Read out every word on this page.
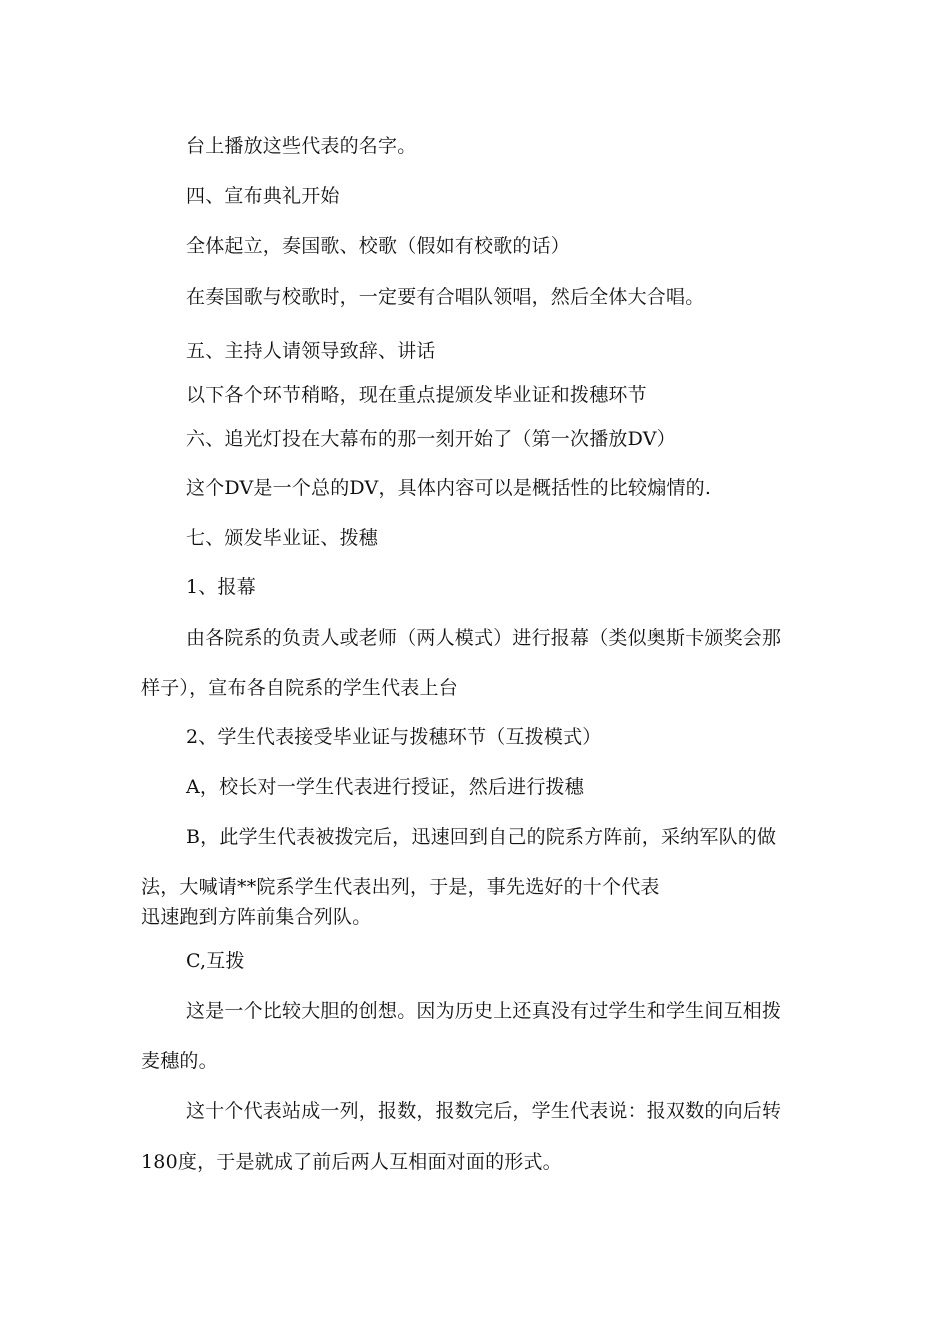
台上播放这些代表的名字。

四、宣布典礼开始

全体起立，奏国歌、校歌（假如有校歌的话）

在奏国歌与校歌时，一定要有合唱队领唱，然后全体大合唱。

五、主持人请领导致辞、讲话

以下各个环节稍略，现在重点提颁发毕业证和拨穗环节

六、追光灯投在大幕布的那一刻开始了（第一次播放DV）

这个DV是一个总的DV，具体内容可以是概括性的比较煽情的.

七、颁发毕业证、拨穗

1、报幕

由各院系的负责人或老师（两人模式）进行报幕（类似奥斯卡颁奖会那

样子），宣布各自院系的学生代表上台

2、学生代表接受毕业证与拨穗环节（互拨模式）

A，校长对一学生代表进行授证，然后进行拨穗

B，此学生代表被拨完后，迅速回到自己的院系方阵前，采纳军队的做

法，大喊请**院系学生代表出列，于是，事先选好的十个代表

迅速跑到方阵前集合列队。

C,互拨

这是一个比较大胆的创想。因为历史上还真没有过学生和学生间互相拨

麦穗的。

这十个代表站成一列，报数，报数完后，学生代表说：报双数的向后转

180度，于是就成了前后两人互相面对面的形式。
